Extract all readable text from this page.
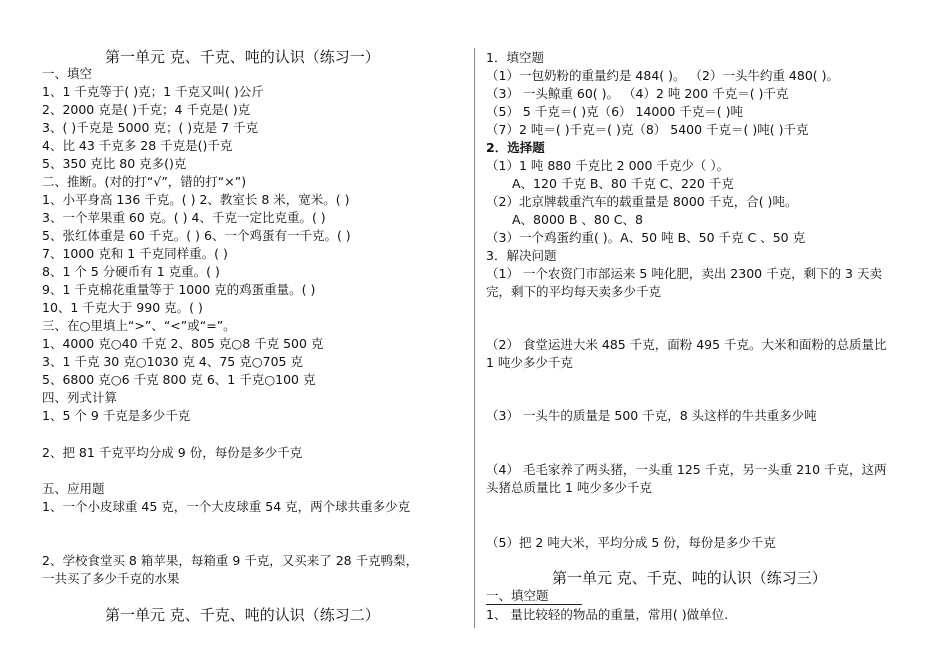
第一单元 克、千克、吨的认识（练习一）
一、填空
1、1 千克等于( )克；1 千克又叫( )公斤
2、2000 克是( )千克；4 千克是( )克
3、( )千克是 5000 克；( )克是 7 千克
4、比 43 千克多 28 千克是()千克
5、350 克比 80 克多()克
二、推断。(对的打“√”，错的打“×”)
1、小平身高 136 千克。( ) 2、教室长 8 米，宽米。( )
3、一个苹果重 60 克。( ) 4、千克一定比克重。( )
5、张红体重是 60 千克。( ) 6、一个鸡蛋有一千克。( )
7、1000 克和 1 千克同样重。( )
8、1 个 5 分硬币有 1 克重。( )
9、1 千克棉花重量等于 1000 克的鸡蛋重量。( )
10、1 千克大于 990 克。( )
三、在○里填上“>”、“<”或“=”。
1、4000 克○40 千克 2、805 克○8 千克 500 克
3、1 千克 30 克○1030 克 4、75 克○705 克
5、6800 克○6 千克 800 克 6、1 千克○100 克
四、列式计算
1、5 个 9 千克是多少千克
2、把 81 千克平均分成 9 份，每份是多少千克
五、应用题
1、一个小皮球重 45 克，一个大皮球重 54 克，两个球共重多少克
2、学校食堂买 8 箱苹果，每箱重 9 千克，又买来了 28 千克鸭梨，
一共买了多少千克的水果
第一单元 克、千克、吨的认识（练习二）
1．填空题
（1）一包奶粉的重量约是 484( )。 （2）一头牛约重 480( )。
（3） 一头鲸重 60( )。 （4）2 吨 200 千克＝( )千克
（5） 5 千克＝( )克（6） 14000 千克＝( )吨
（7）2 吨＝( )千克＝( )克（8） 5400 千克＝( )吨( )千克
2．选择题
（1）1 吨 880 千克比 2 000 千克少（ ）。
A、120 千克 B、80 千克 C、220 千克
（2）北京牌载重汽车的载重量是 8000 千克，合( )吨。
A、8000 B 、80 C、8
（3）一个鸡蛋约重( )。A、50 吨 B、50 千克 C 、50 克
3．解决问题
（1） 一个农资门市部运来 5 吨化肥，卖出 2300 千克，剩下的 3 天卖
完，剩下的平均每天卖多少千克
（2） 食堂运进大米 485 千克，面粉 495 千克。大米和面粉的总质量比
1 吨少多少千克
（3） 一头牛的质量是 500 千克，8 头这样的牛共重多少吨
（4） 毛毛家养了两头猪，一头重 125 千克，另一头重 210 千克，这两
头猪总质量比 1 吨少多少千克
（5）把 2 吨大米，平均分成 5 份，每份是多少千克
第一单元 克、千克、吨的认识（练习三）
一、填空题
1、 量比较轻的物品的重量，常用( )做单位.
